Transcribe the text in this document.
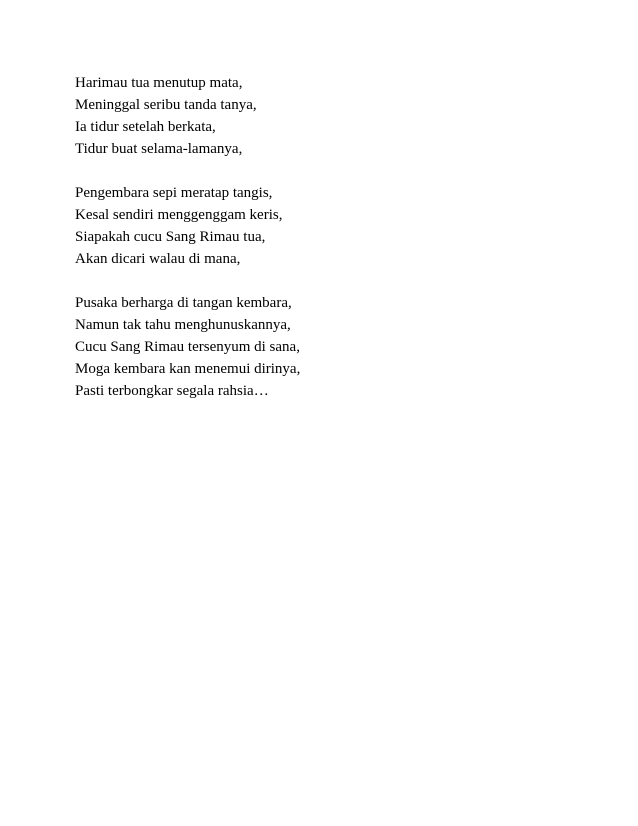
Harimau tua menutup mata,
Meninggal seribu tanda tanya,
Ia tidur setelah berkata,
Tidur buat selama-lamanya,
Pengembara sepi meratap tangis,
Kesal sendiri menggenggam keris,
Siapakah cucu Sang Rimau tua,
Akan dicari walau di mana,
Pusaka berharga di tangan kembara,
Namun tak tahu menghunuskannya,
Cucu Sang Rimau tersenyum di sana,
Moga kembara kan menemui dirinya,
Pasti terbongkar segala rahsia…
